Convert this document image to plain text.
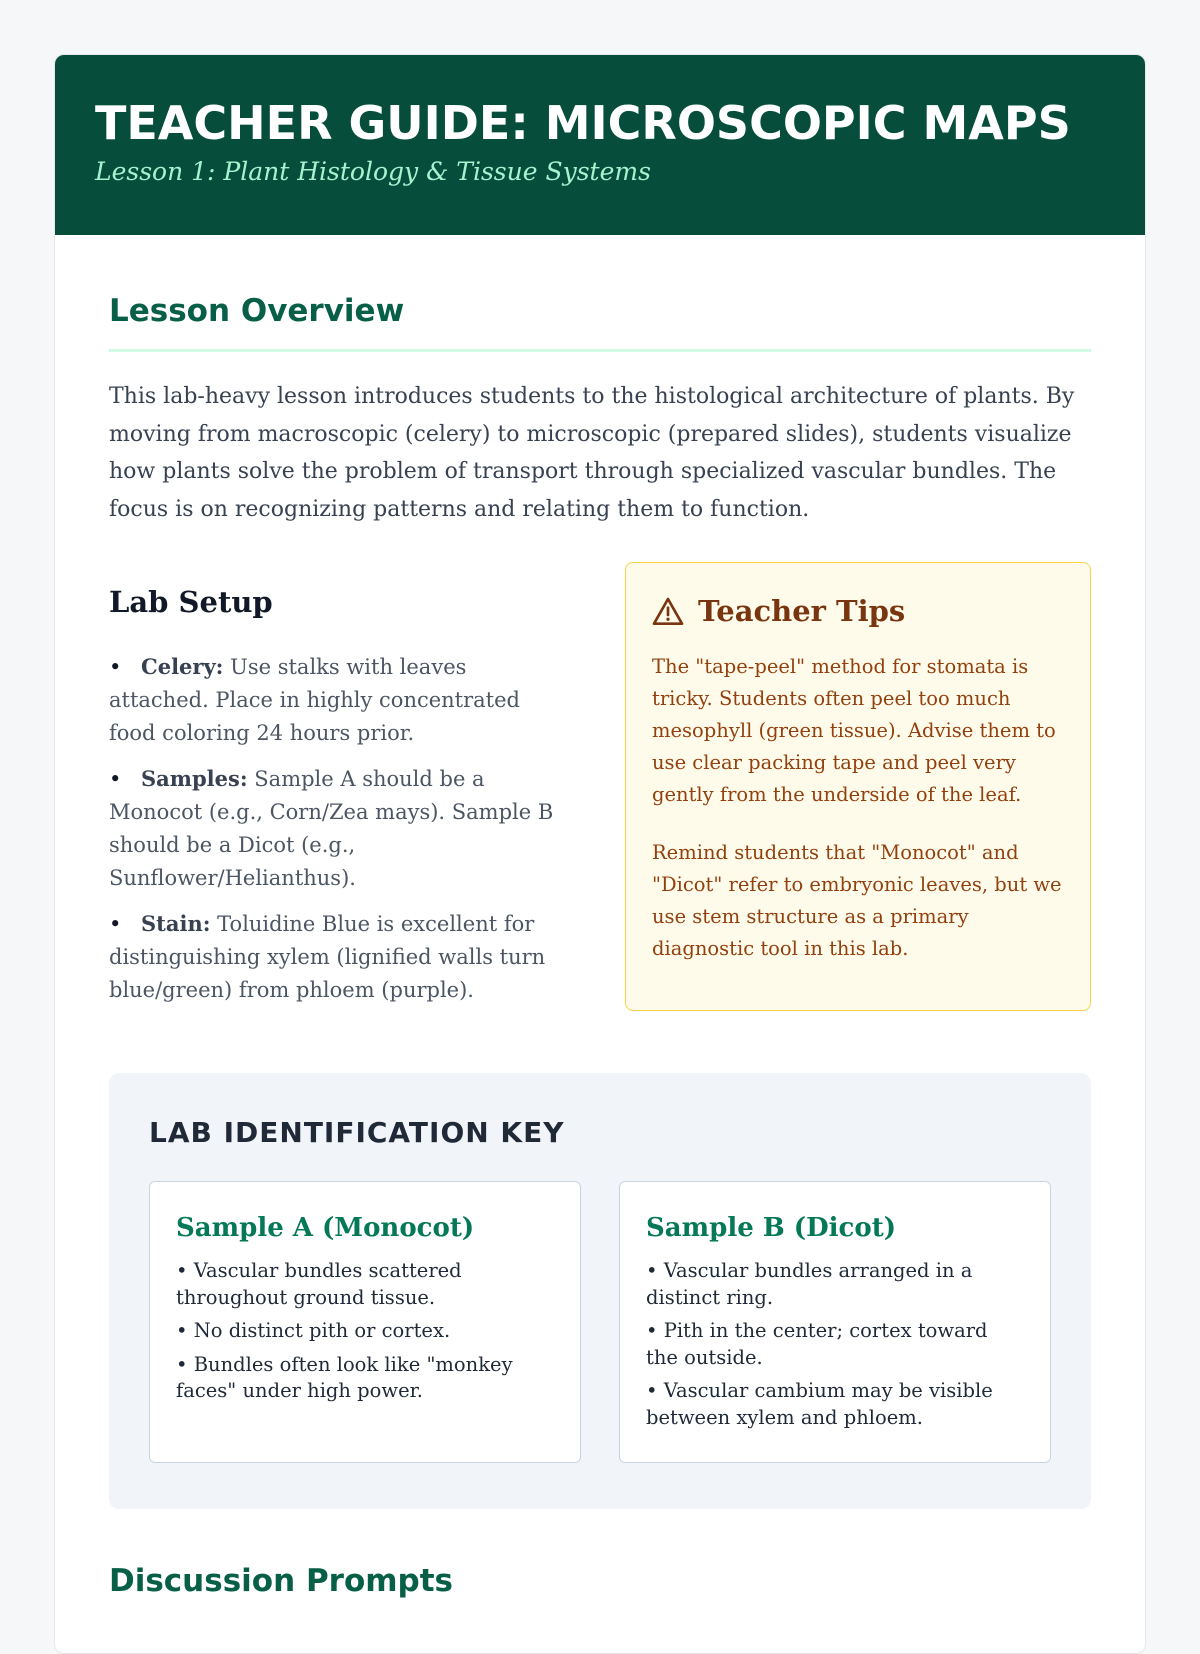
TEACHER GUIDE: MICROSCOPIC MAPS
Lesson 1: Plant Histology & Tissue Systems
Lesson Overview
This lab-heavy lesson introduces students to the histological architecture of plants. By moving from macroscopic (celery) to microscopic (prepared slides), students visualize how plants solve the problem of transport through specialized vascular bundles. The focus is on recognizing patterns and relating them to function.
Lab Setup
• Celery: Use stalks with leaves attached. Place in highly concentrated food coloring 24 hours prior.
• Samples: Sample A should be a Monocot (e.g., Corn/Zea mays). Sample B should be a Dicot (e.g., Sunflower/Helianthus).
• Stain: Toluidine Blue is excellent for distinguishing xylem (lignified walls turn blue/green) from phloem (purple).
Teacher Tips

The "tape-peel" method for stomata is tricky. Students often peel too much mesophyll (green tissue). Advise them to use clear packing tape and peel very gently from the underside of the leaf.

Remind students that "Monocot" and "Dicot" refer to embryonic leaves, but we use stem structure as a primary diagnostic tool in this lab.

LAB IDENTIFICATION KEY
Sample A (Monocot)
• Vascular bundles scattered throughout ground tissue.
• No distinct pith or cortex.
• Bundles often look like "monkey faces" under high power.
Sample B (Dicot)
• Vascular bundles arranged in a distinct ring.
• Pith in the center; cortex toward the outside.
• Vascular cambium may be visible between xylem and phloem.
Discussion Prompts
